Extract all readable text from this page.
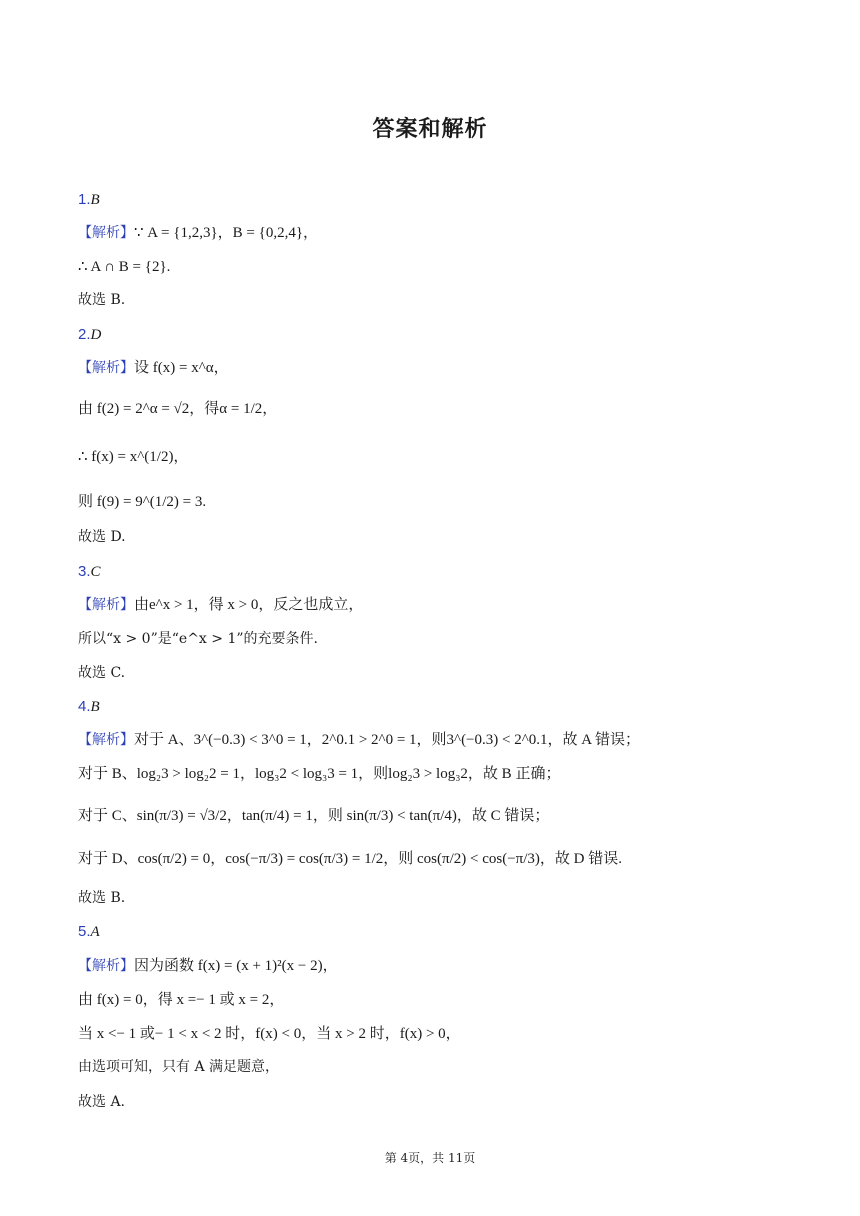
答案和解析
1.B
【解析】∵ A = {1,2,3}，B = {0,2,4}，
∴ A ∩ B = {2}.
故选 B.
2.D
【解析】设 f(x) = x^α，
由 f(2) = 2^α = √2，得α = 1/2，
∴ f(x) = x^(1/2)，
则 f(9) = 9^(1/2) = 3.
故选 D.
3.C
【解析】由e^x > 1，得 x > 0，反之也成立，
所以“x > 0”是“e^x > 1”的充要条件.
故选 C.
4.B
【解析】对于 A、3^(−0.3) < 3^0 = 1，2^0.1 > 2^0 = 1，则3^(−0.3) < 2^0.1，故 A 错误；
对于 B、log₂3 > log₂2 = 1，log₃2 < log₃3 = 1，则log₂3 > log₃2，故 B 正确；
对于 C、sin(π/3) = √3/2，tan(π/4) = 1，则 sin(π/3) < tan(π/4)，故 C 错误；
对于 D、cos(π/2) = 0，cos(−π/3) = cos(π/3) = 1/2，则 cos(π/2) < cos(−π/3)，故 D 错误.
故选 B.
5.A
【解析】因为函数 f(x) = (x + 1)²(x − 2)，
由 f(x) = 0，得 x =− 1 或 x = 2，
当 x <− 1 或− 1 < x < 2 时，f(x) < 0，当 x > 2 时，f(x) > 0，
由选项可知，只有 A 满足题意，
故选 A.
第 4页，共 11页
